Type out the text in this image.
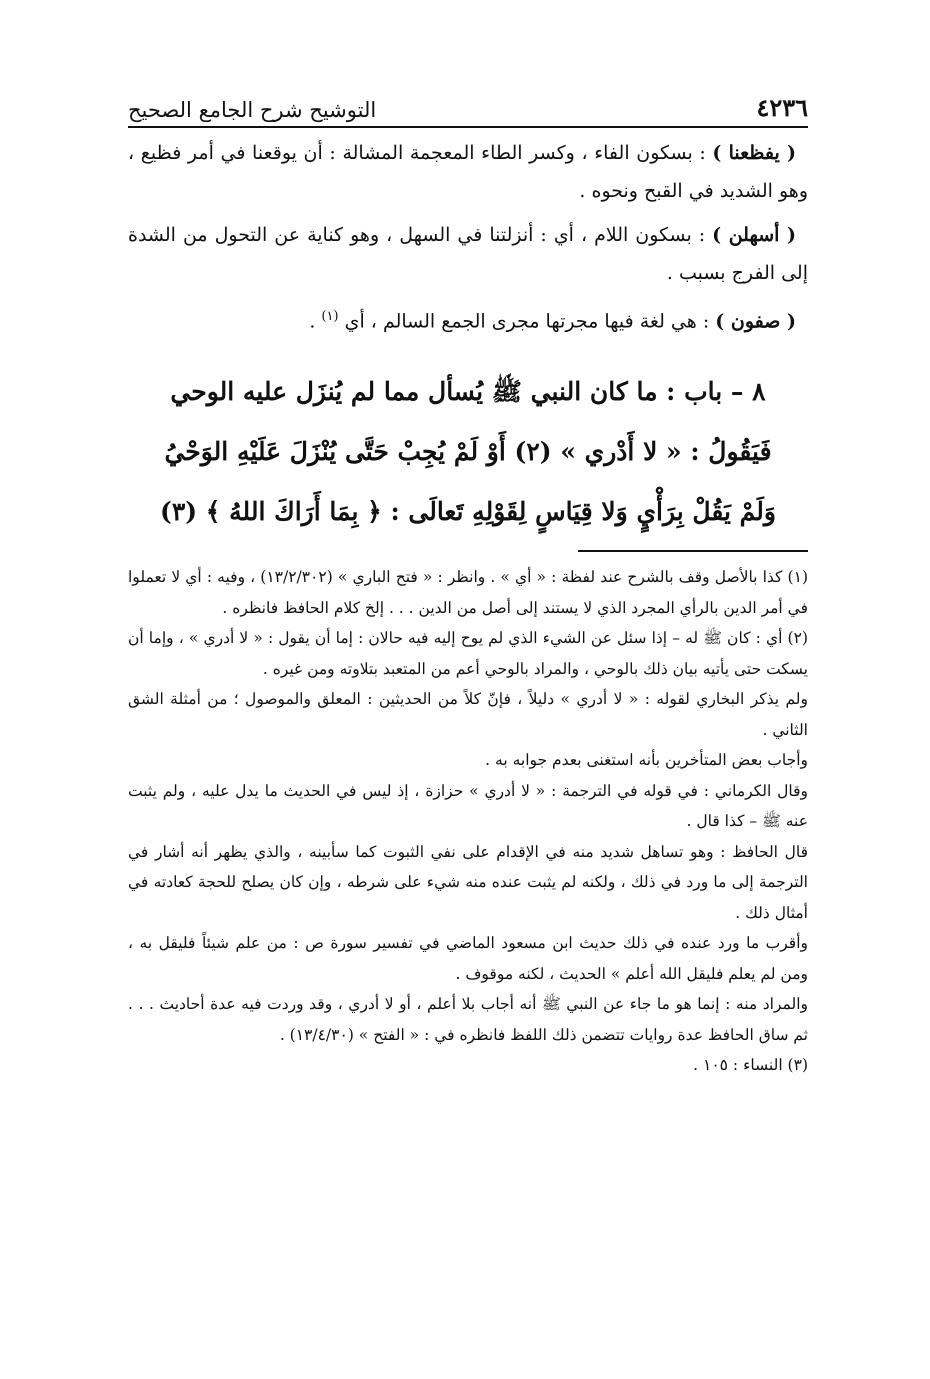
٤٢٣٦
التوشيح شرح الجامع الصحيح

( يفظعنا ) : بسكون الفاء ، وكسر الطاء المعجمة المشالة : أن يوقعنا في أمر فظيع ، وهو الشديد في القبح ونحوه .

( أسهلن ) : بسكون اللام ، أي : أنزلتنا في السهل ، وهو كناية عن التحول من الشدة إلى الفرج بسبب .

( صفون ) : هي لغة فيها مجرتها مجرى الجمع السالم ، أي $^{(١)}$ .

٨ – باب : ما كان النبي ﷺ يُسأل مما لم يُنزَل عليه الوحي
فَيَقُولُ : « لا أَدْري » (٢) أَوْ لَمْ يُجِبْ حَتَّى يُنْزَلَ عَلَيْهِ الوَحْيُ
وَلَمْ يَقُلْ بِرَأْيٍ وَلا قِيَاسٍ لِقَوْلِهِ تَعالَى : ﴿ بِمَا أَرَاكَ اللهُ ﴾ (٣)

(١) كذا بالأصل وقف بالشرح عند لفظة : « أي » . وانظر : « فتح الباري » (١٣/٢/٣٠٢) ، وفيه : أي لا تعملوا في أمر الدين بالرأي المجرد الذي لا يستند إلى أصل من الدين . . . إلخ كلام الحافظ فانظره .

(٢) أي : كان ﷺ له – إذا سئل عن الشيء الذي لم يوح إليه فيه حالان : إما أن يقول : « لا أدري » ، وإما أن يسكت حتى يأتيه بيان ذلك بالوحي ، والمراد بالوحي أعم من المتعبد بتلاوته ومن غيره .

ولم يذكر البخاري لقوله : « لا أدري » دليلاً ، فإنّ كلاً من الحديثين : المعلق والموصول ؛ من أمثلة الشق الثاني .

وأجاب بعض المتأخرين بأنه استغنى بعدم جوابه به .

وقال الكرماني : في قوله في الترجمة : « لا أدري » حزازة ، إذ ليس في الحديث ما يدل عليه ، ولم يثبت عنه ﷺ – كذا قال .

قال الحافظ : وهو تساهل شديد منه في الإقدام على نفي الثبوت كما سأبينه ، والذي يظهر أنه أشار في الترجمة إلى ما ورد في ذلك ، ولكنه لم يثبت عنده منه شيء على شرطه ، وإن كان يصلح للحجة كعادته في أمثال ذلك .

وأقرب ما ورد عنده في ذلك حديث ابن مسعود الماضي في تفسير سورة ص : من علم شيئاً فليقل به ، ومن لم يعلم فليقل الله أعلم » الحديث ، لكنه موقوف .

والمراد منه : إنما هو ما جاء عن النبي ﷺ أنه أجاب بلا أعلم ، أو لا أدري ، وقد وردت فيه عدة أحاديث . . . ثم ساق الحافظ عدة روايات تتضمن ذلك اللفظ فانظره في : « الفتح » (١٣/٤/٣٠) .

(٣) النساء : ١٠٥ .
